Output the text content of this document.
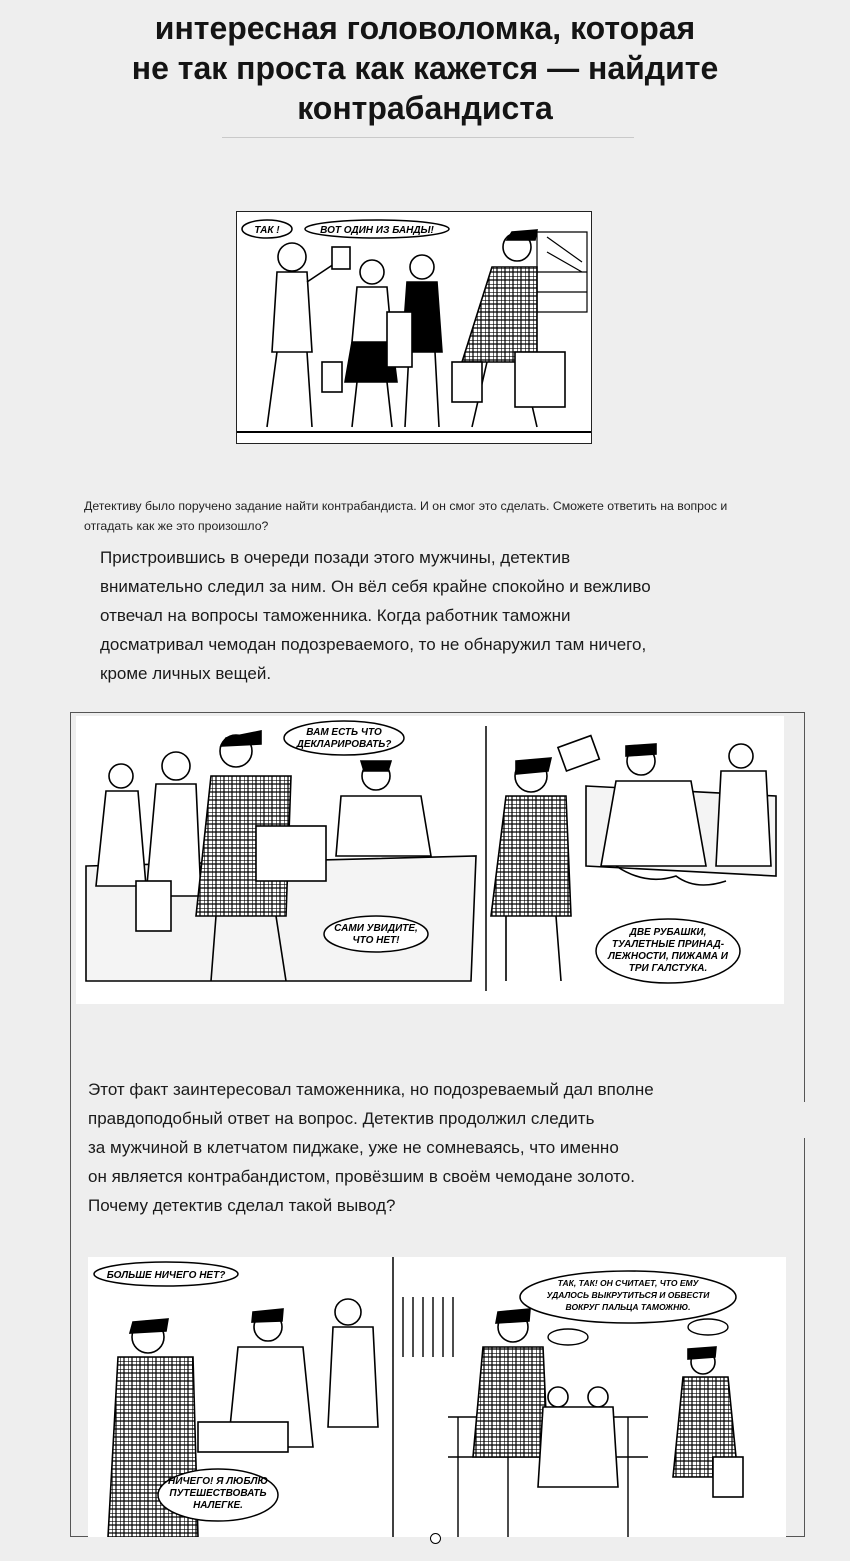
интересная головоломка, которая
не так проста как кажется — найдите
контрабандиста
ТАК !	ВОТ ОДИН ИЗ БАНДЫ!
Детективу было поручено задание найти контрабандиста. И он смог это сделать. Сможете ответить на вопрос и отгадать как же это произошло?
Пристроившись в очереди позади этого мужчины, детектив
внимательно следил за ним. Он вёл себя крайне спокойно и вежливо
отвечал на вопросы таможенника. Когда работник таможни
досматривал чемодан подозреваемого, то не обнаружил там ничего,
кроме личных вещей.
ВАМ ЕСТЬ ЧТО
ДЕКЛАРИРОВАТЬ?
САМИ УВИДИТЕ,
ЧТО НЕТ!
ДВЕ РУБАШКИ,
ТУАЛЕТНЫЕ ПРИНАД-
ЛЕЖНОСТИ, ПИЖАМА И
ТРИ ГАЛСТУКА.
Этот факт заинтересовал таможенника, но подозреваемый дал вполне
правдоподобный ответ на вопрос. Детектив продолжил следить
за мужчиной в клетчатом пиджаке, уже не сомневаясь, что именно
он является контрабандистом, провёзшим в своём чемодане золото.
Почему детектив сделал такой вывод?
БОЛЬШЕ НИЧЕГО НЕТ?
НИЧЕГО! Я ЛЮБЛЮ
ПУТЕШЕСТВОВАТЬ
НАЛЕГКЕ.
ТАК, ТАК! ОН СЧИТАЕТ, ЧТО ЕМУ
УДАЛОСЬ ВЫКРУТИТЬСЯ И ОБВЕСТИ
ВОКРУГ ПАЛЬЦА ТАМОЖНЮ.
